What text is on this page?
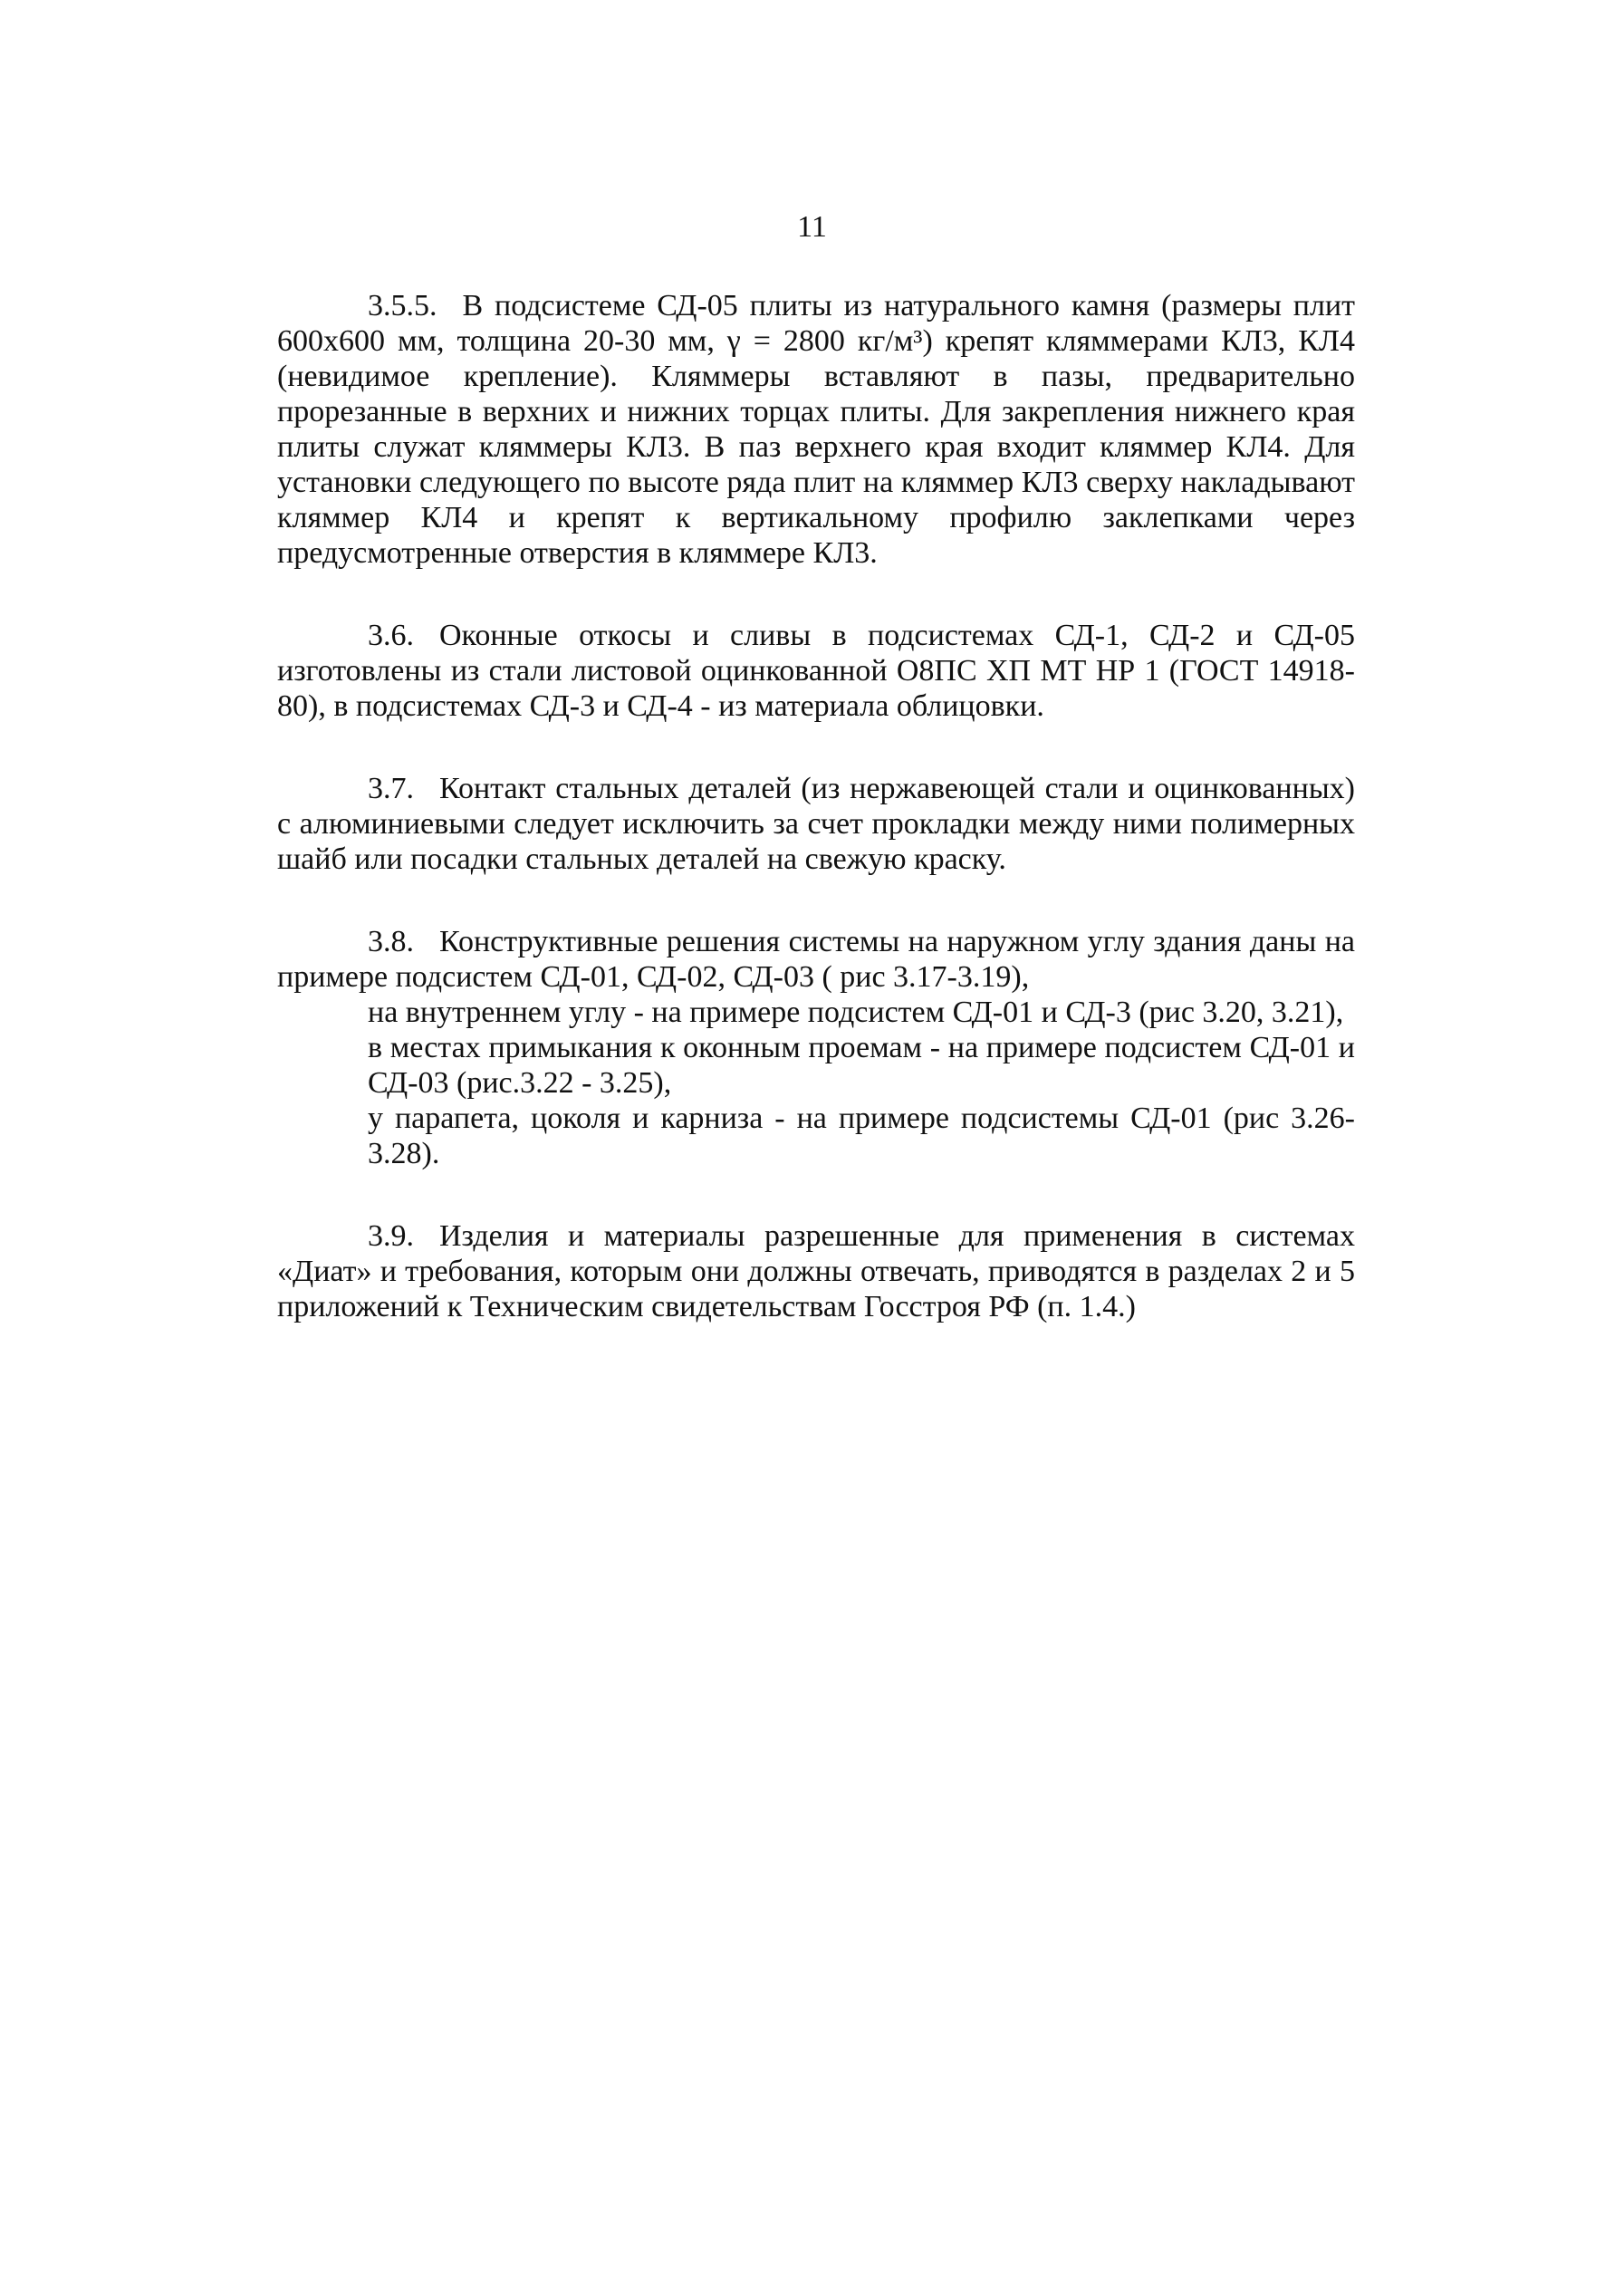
11

3.5.5. В подсистеме СД-05 плиты из натурального камня (размеры плит 600х600 мм, толщина 20-30 мм, γ = 2800 кг/м³) крепят кляммерами КЛ3, КЛ4 (невидимое крепление). Кляммеры вставляют в пазы, предварительно прорезанные в верхних и нижних торцах плиты. Для закрепления нижнего края плиты служат кляммеры КЛ3. В паз верхнего края входит кляммер КЛ4. Для установки следующего по высоте ряда плит на кляммер КЛ3 сверху накладывают кляммер КЛ4 и крепят к вертикальному профилю заклепками через предусмотренные отверстия в кляммере КЛ3.

3.6. Оконные откосы и сливы в подсистемах СД-1, СД-2 и СД-05 изготовлены из стали листовой оцинкованной О8ПС ХП МТ НР 1 (ГОСТ 14918-80), в подсистемах СД-3 и СД-4 - из материала облицовки.

3.7. Контакт стальных деталей (из нержавеющей стали и оцинкованных) с алюминиевыми следует исключить за счет прокладки между ними полимерных шайб или посадки стальных деталей на свежую краску.

3.8. Конструктивные решения системы на наружном углу здания даны на примере подсистем СД-01, СД-02, СД-03 ( рис 3.17-3.19),
на внутреннем углу - на примере подсистем СД-01 и СД-3 (рис 3.20, 3.21),
в местах примыкания к оконным проемам - на примере подсистем СД-01 и СД-03 (рис.3.22 - 3.25),
у парапета, цоколя и карниза - на примере подсистемы СД-01 (рис 3.26-3.28).

3.9. Изделия и материалы разрешенные для применения в системах «Диат» и требования, которым они должны отвечать, приводятся в разделах 2 и 5 приложений к Техническим свидетельствам Госстроя РФ (п. 1.4.)
